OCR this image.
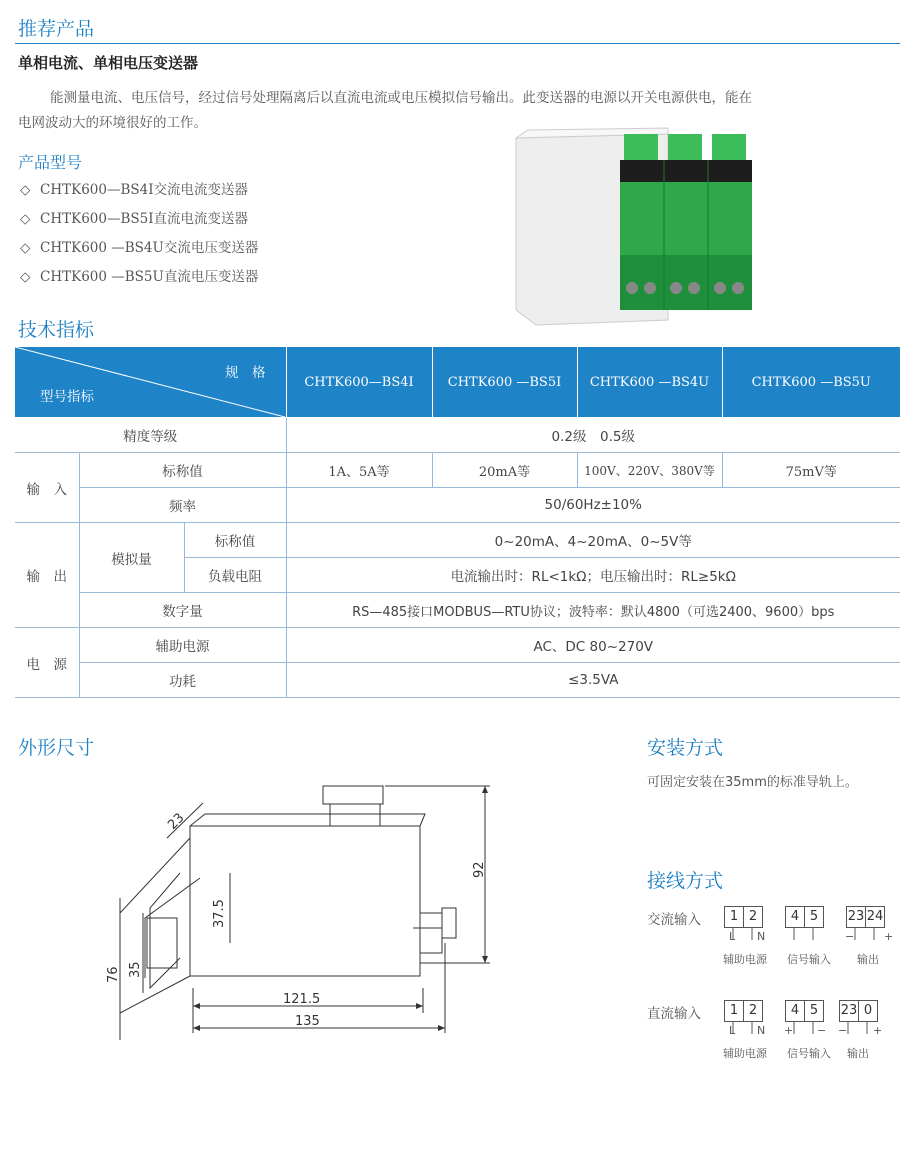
推荐产品
单相电流、单相电压变送器
能测量电流、电压信号，经过信号处理隔离后以直流电流或电压模拟信号输出。此变送器的电源以开关电源供电，能在
电网波动大的环境很好的工作。
产品型号
◇ CHTK600—BS4I交流电流变送器
◇ CHTK600—BS5I直流电流变送器
◇ CHTK600 —BS4U交流电压变送器
◇ CHTK600 —BS5U直流电压变送器
技术指标
规　格
型号指标			CHTK600—BS4I	CHTK600 —BS5I	CHTK600 —BS4U	CHTK600 —BS5U
精度等级			0.2级　0.5级			
输　入	标称值		1A、5A等	20mA等	100V、220V、380V等	75mV等
	频率		50/60Hz±10%			
输　出	模拟量	标称值	0~20mA、4~20mA、0~5V等			
		负载电阻	电流输出时：RL<1kΩ；电压输出时：RL≥5kΩ			
	数字量		RS—485接口MODBUS—RTU协议；波特率：默认4800（可选2400、9600）bps			
电　源	辅助电源		AC、DC 80~270V			
	功耗		≤3.5VA			
外形尺寸
23
92
37.5
76 35
121.5
135
安装方式
可固定安装在35mm的标准导轨上。
接线方式
交流输入	1 2	4 5	23 24
L N	−	+
辅助电源 信号输入 输出
直流输入	1 2	4 5	23 0
L N + − − +
辅助电源 信号输入 输出
